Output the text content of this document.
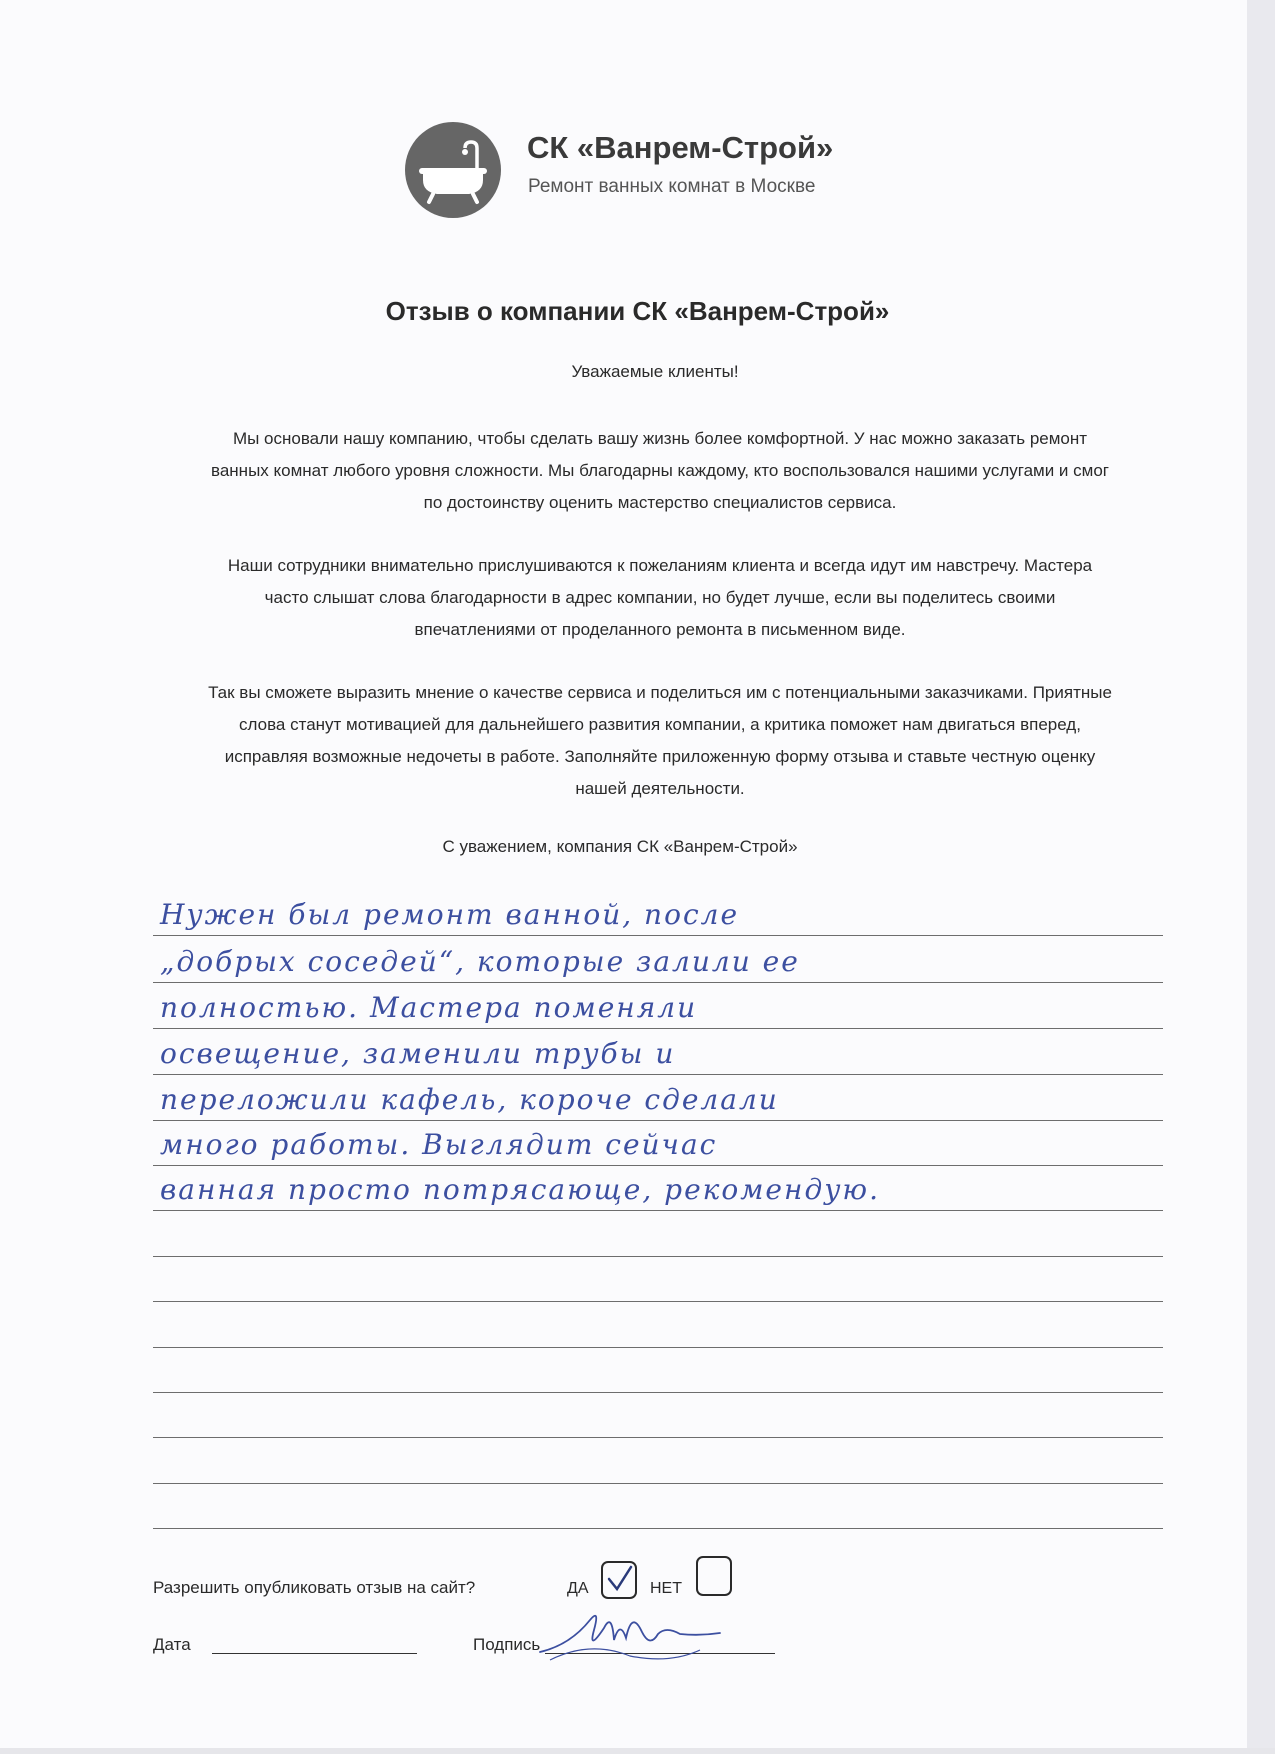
СК «Ванрем-Строй»
Ремонт ванных комнат в Москве
Отзыв о компании СК «Ванрем-Строй»
Уважаемые клиенты!
Мы основали нашу компанию, чтобы сделать вашу жизнь более комфортной. У нас можно заказать ремонт
ванных комнат любого уровня сложности. Мы благодарны каждому, кто воспользовался нашими услугами и смог
по достоинству оценить мастерство специалистов сервиса.
Наши сотрудники внимательно прислушиваются к пожеланиям клиента и всегда идут им навстречу. Мастера
часто слышат слова благодарности в адрес компании, но будет лучше, если вы поделитесь своими
впечатлениями от проделанного ремонта в письменном виде.
Так вы сможете выразить мнение о качестве сервиса и поделиться им с потенциальными заказчиками. Приятные
слова станут мотивацией для дальнейшего развития компании, а критика поможет нам двигаться вперед,
исправляя возможные недочеты в работе. Заполняйте приложенную форму отзыва и ставьте честную оценку
нашей деятельности.
С уважением, компания СК «Ванрем-Строй»
Нужен был ремонт ванной, после
„добрых соседей“, которые залили ее
полностью. Мастера поменяли
освещение, заменили трубы и
переложили кафель, короче сделали
много работы. Выглядит сейчас
ванная просто потрясающе, рекомендую.
Разрешить опубликовать отзыв на сайт?	ДА	НЕТ
Дата	Подпись
